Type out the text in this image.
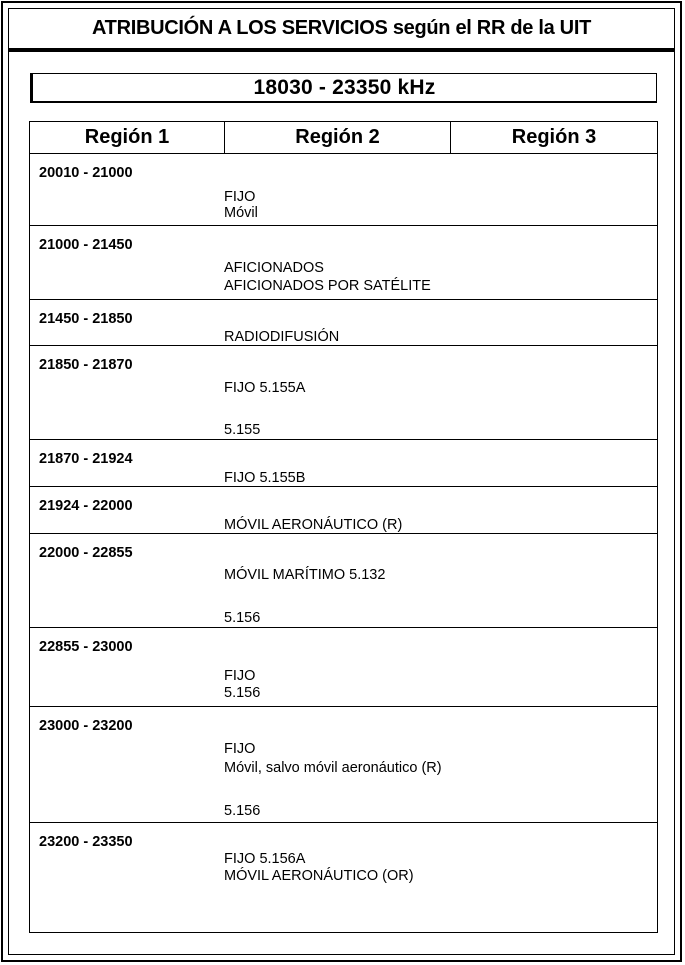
ATRIBUCIÓN A LOS SERVICIOS según el RR de la UIT
18030 - 23350 kHz
Región 1	Región 2	Región 3
20010 - 21000
FIJO
Móvil
21000 - 21450
AFICIONADOS
AFICIONADOS POR SATÉLITE
21450 - 21850
RADIODIFUSIÓN
21850 - 21870
FIJO 5.155A
5.155
21870 - 21924
FIJO 5.155B
21924 - 22000
MÓVIL AERONÁUTICO (R)
22000 - 22855
MÓVIL MARÍTIMO 5.132
5.156
22855 - 23000
FIJO
5.156
23000 - 23200
FIJO
Móvil, salvo móvil aeronáutico (R)
5.156
23200 - 23350
FIJO 5.156A
MÓVIL AERONÁUTICO (OR)
